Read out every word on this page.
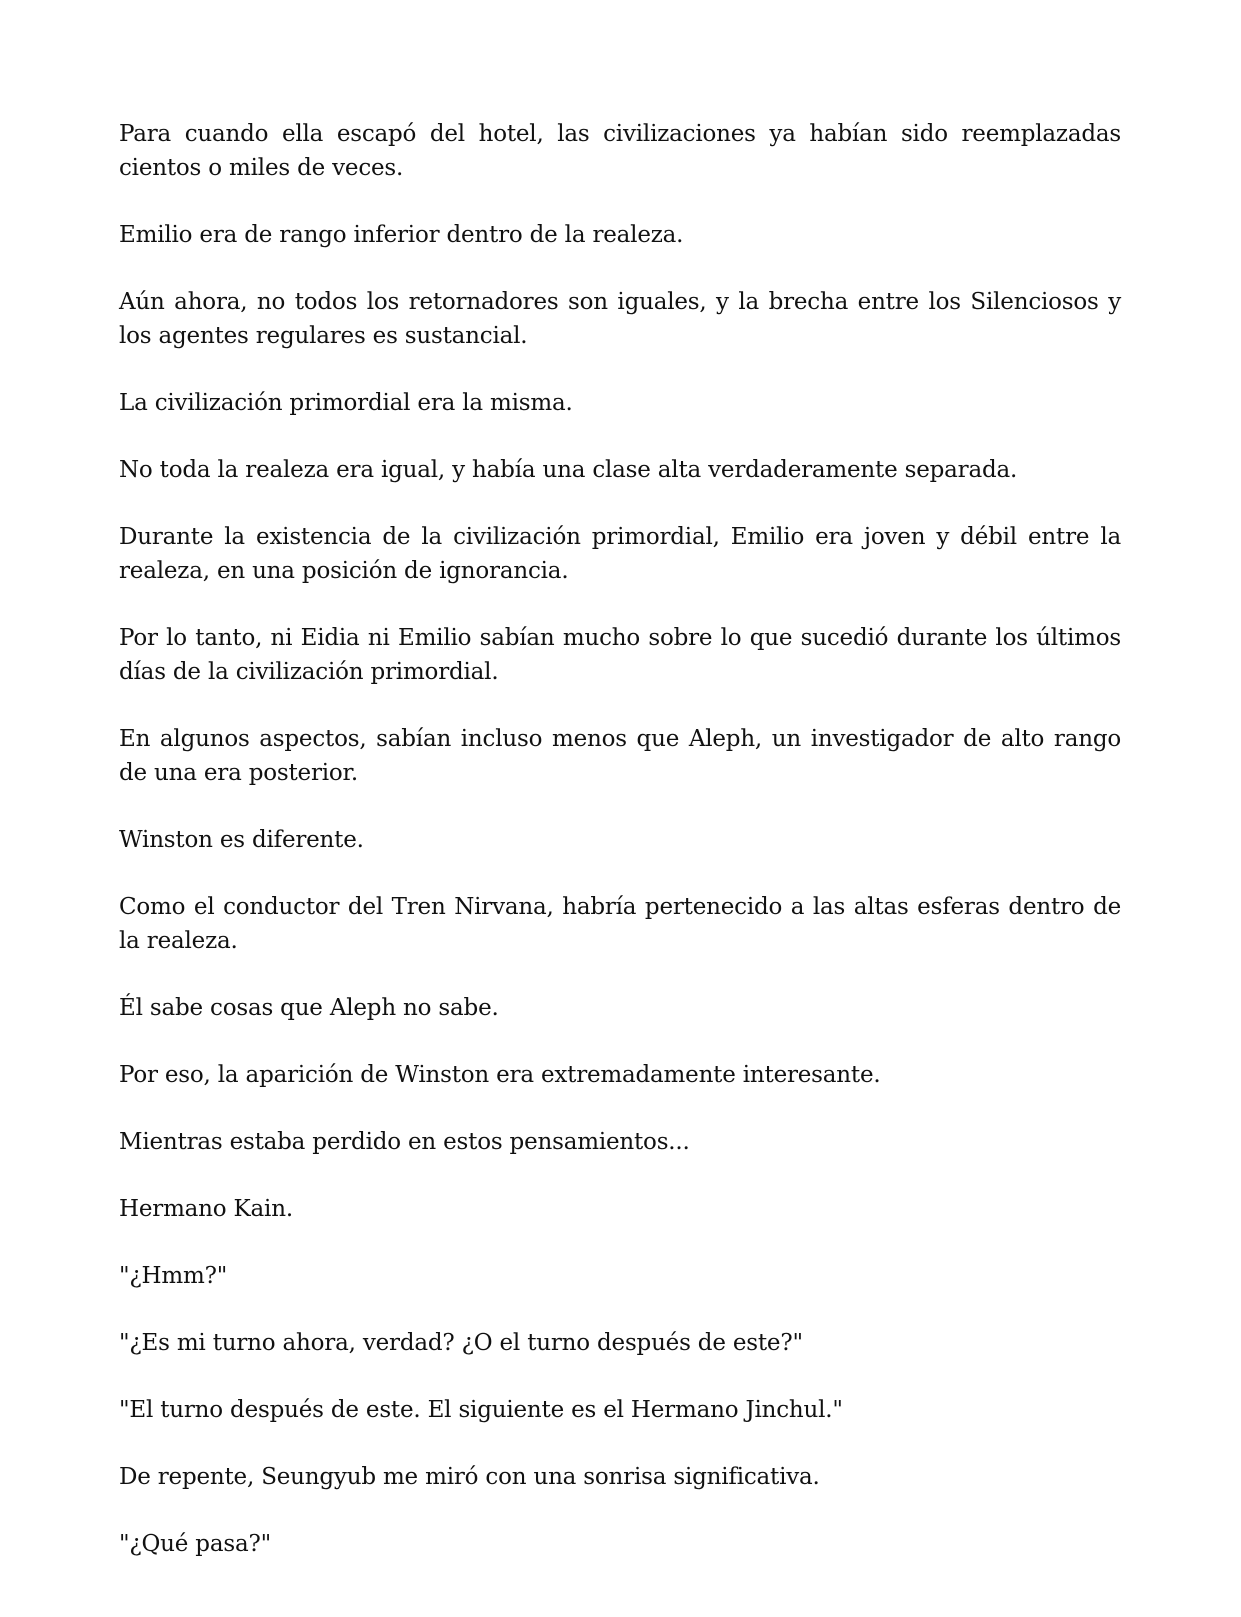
Para cuando ella escapó del hotel, las civilizaciones ya habían sido reemplazadas cientos o miles de veces.

Emilio era de rango inferior dentro de la realeza.

Aún ahora, no todos los retornadores son iguales, y la brecha entre los Silenciosos y los agentes regulares es sustancial.

La civilización primordial era la misma.

No toda la realeza era igual, y había una clase alta verdaderamente separada.

Durante la existencia de la civilización primordial, Emilio era joven y débil entre la realeza, en una posición de ignorancia.

Por lo tanto, ni Eidia ni Emilio sabían mucho sobre lo que sucedió durante los últimos días de la civilización primordial.

En algunos aspectos, sabían incluso menos que Aleph, un investigador de alto rango de una era posterior.

Winston es diferente.

Como el conductor del Tren Nirvana, habría pertenecido a las altas esferas dentro de la realeza.

Él sabe cosas que Aleph no sabe.

Por eso, la aparición de Winston era extremadamente interesante.

Mientras estaba perdido en estos pensamientos...

Hermano Kain.

"¿Hmm?"

"¿Es mi turno ahora, verdad? ¿O el turno después de este?"

"El turno después de este. El siguiente es el Hermano Jinchul."

De repente, Seungyub me miró con una sonrisa significativa.

"¿Qué pasa?"
